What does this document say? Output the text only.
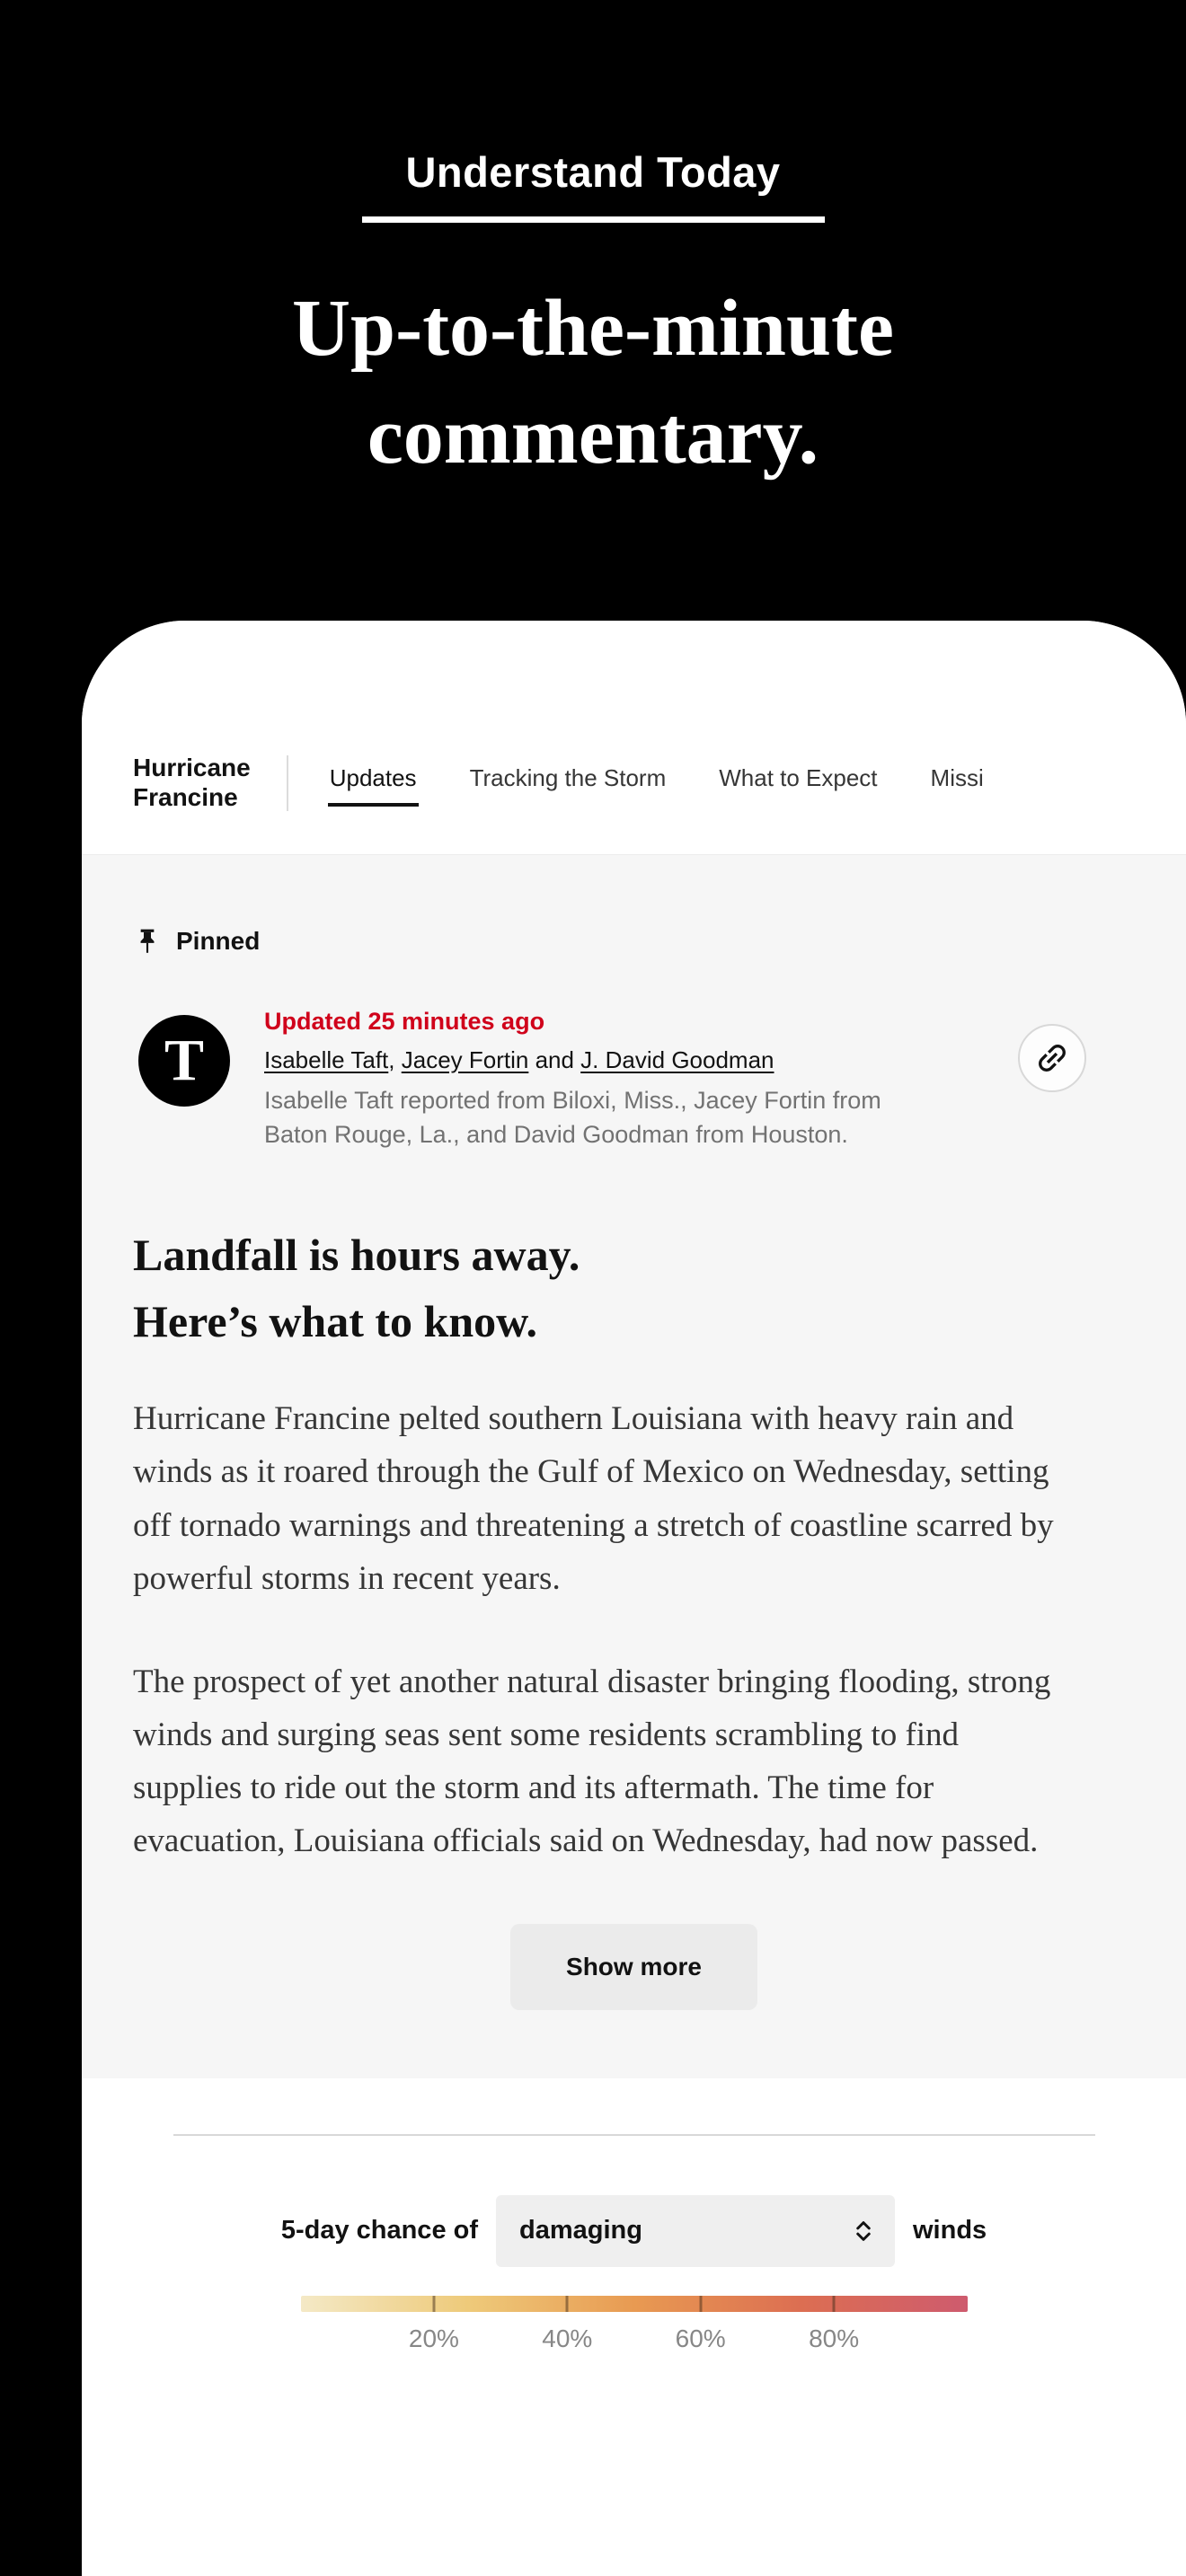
Understand Today
Up-to-the-minute
commentary.
Hurricane
Francine
Updates Tracking the Storm What to Expect Missi
Pinned
T
Updated 25 minutes ago
Isabelle Taft, Jacey Fortin and J. David Goodman
Isabelle Taft reported from Biloxi, Miss., Jacey Fortin from Baton Rouge, La., and David Goodman from Houston.
Landfall is hours away.
Here’s what to know.

Hurricane Francine pelted southern Louisiana with heavy rain and winds as it roared through the Gulf of Mexico on Wednesday, setting off tornado warnings and threatening a stretch of coastline scarred by powerful storms in recent years.

The prospect of yet another natural disaster bringing flooding, strong winds and surging seas sent some residents scrambling to find supplies to ride out the storm and its aftermath. The time for evacuation, Louisiana officials said on Wednesday, had now passed.

Show more
5-day chance of damaging	winds
20%	40%	60%	80%
